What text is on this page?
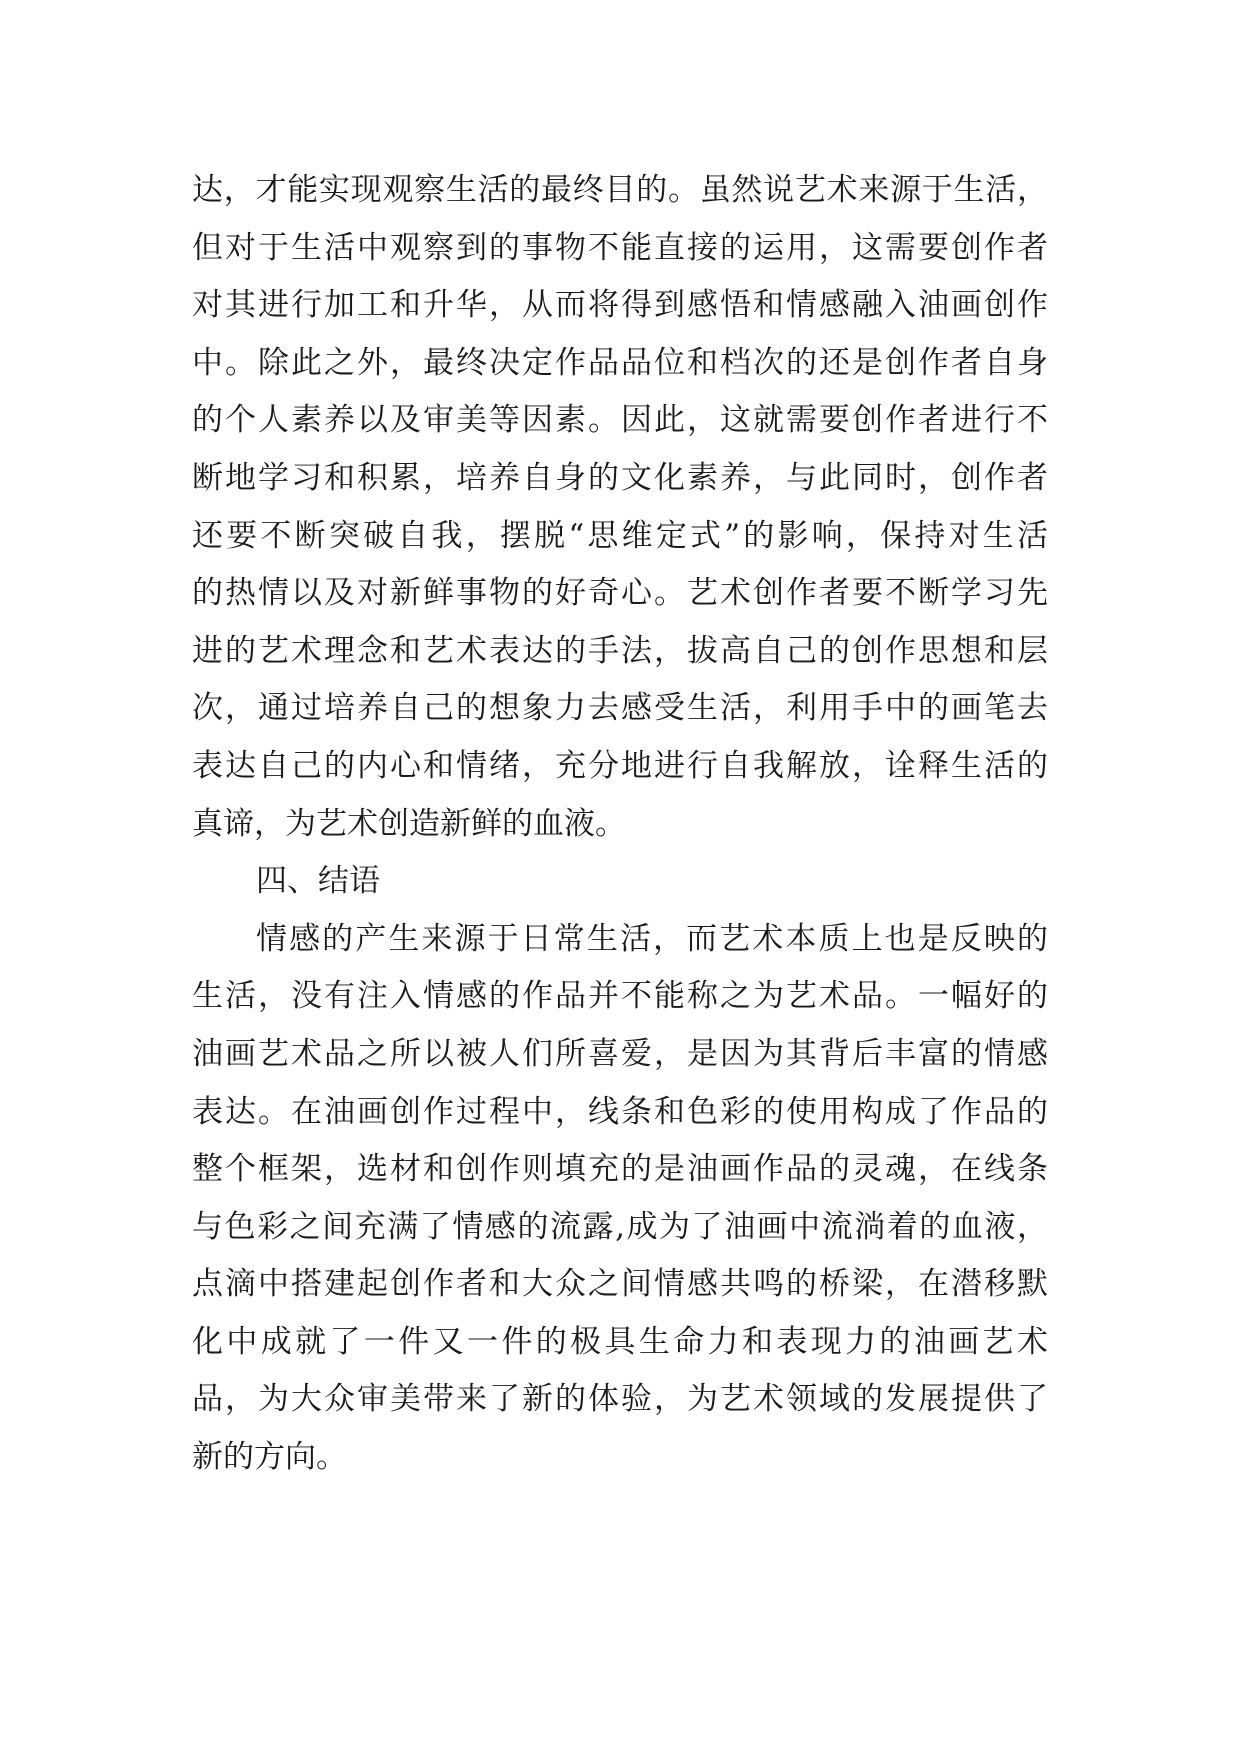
达，才能实现观察生活的最终目的。虽然说艺术来源于生活，
但对于生活中观察到的事物不能直接的运用，这需要创作者
对其进行加工和升华，从而将得到感悟和情感融入油画创作
中。除此之外，最终决定作品品位和档次的还是创作者自身
的个人素养以及审美等因素。因此，这就需要创作者进行不
断地学习和积累，培养自身的文化素养，与此同时，创作者
还要不断突破自我，摆脱“思维定式”的影响，保持对生活
的热情以及对新鲜事物的好奇心。艺术创作者要不断学习先
进的艺术理念和艺术表达的手法，拔高自己的创作思想和层
次，通过培养自己的想象力去感受生活，利用手中的画笔去
表达自己的内心和情绪，充分地进行自我解放，诠释生活的
真谛，为艺术创造新鲜的血液。
四、结语
情感的产生来源于日常生活，而艺术本质上也是反映的
生活，没有注入情感的作品并不能称之为艺术品。一幅好的
油画艺术品之所以被人们所喜爱，是因为其背后丰富的情感
表达。在油画创作过程中，线条和色彩的使用构成了作品的
整个框架，选材和创作则填充的是油画作品的灵魂，在线条
与色彩之间充满了情感的流露,成为了油画中流淌着的血液，
点滴中搭建起创作者和大众之间情感共鸣的桥梁，在潜移默
化中成就了一件又一件的极具生命力和表现力的油画艺术
品，为大众审美带来了新的体验，为艺术领域的发展提供了
新的方向。
